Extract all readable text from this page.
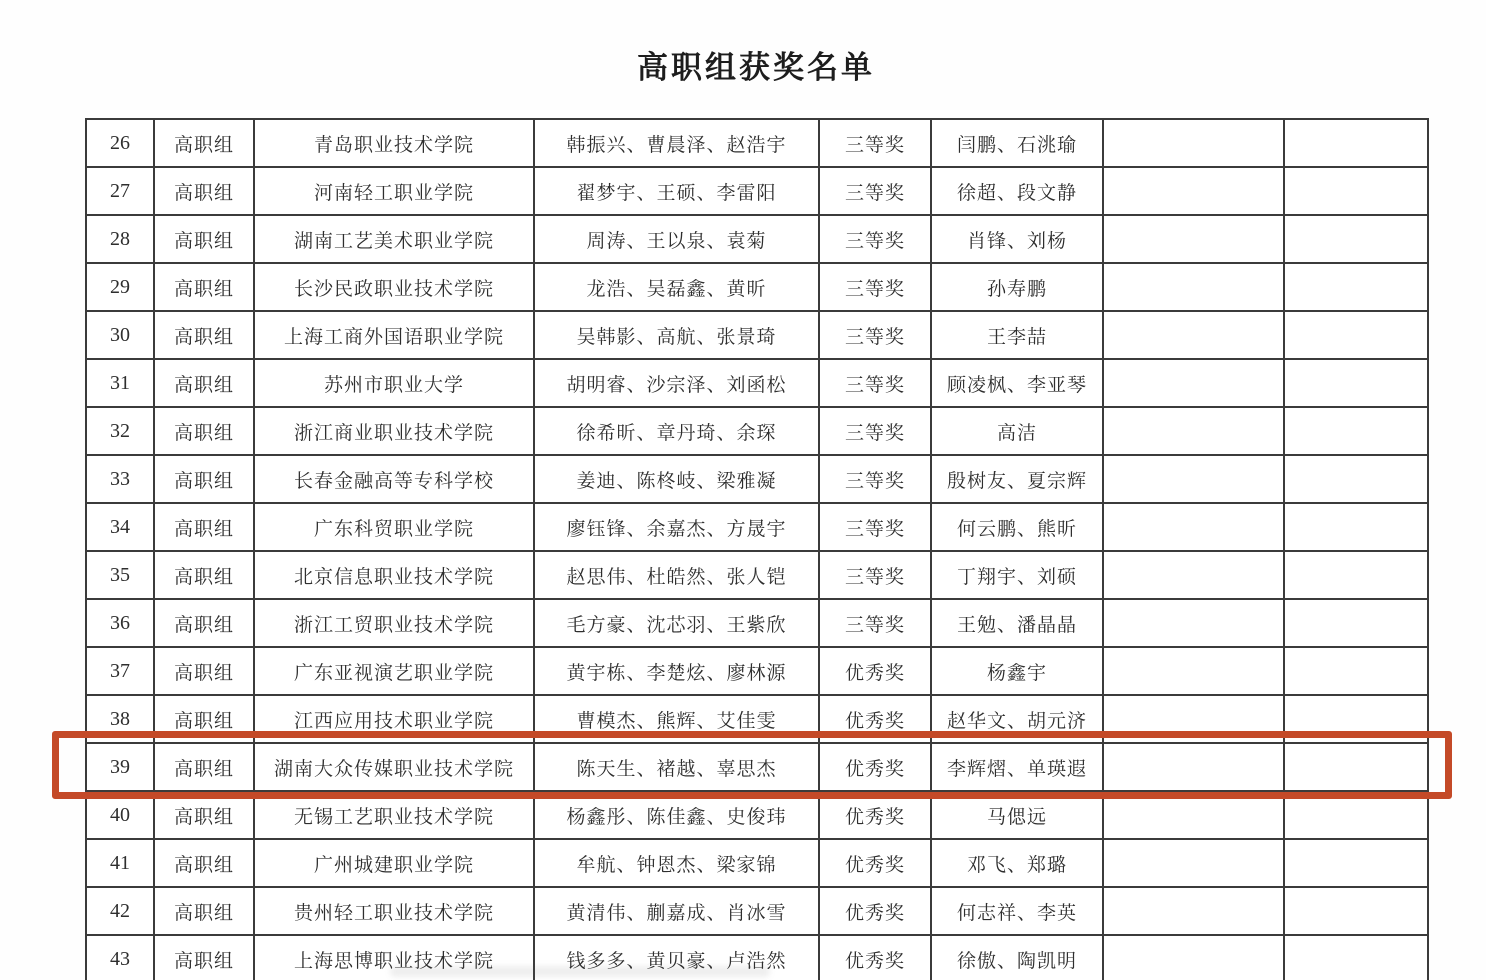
高职组获奖名单
26	高职组	青岛职业技术学院	韩振兴、曹晨泽、赵浩宇	三等奖	闫鹏、石洮瑜		
27	高职组	河南轻工职业学院	翟梦宇、王硕、李雷阳	三等奖	徐超、段文静		
28	高职组	湖南工艺美术职业学院	周涛、王以泉、袁菊	三等奖	肖锋、刘杨		
29	高职组	长沙民政职业技术学院	龙浩、吴磊鑫、黄昕	三等奖	孙寿鹏		
30	高职组	上海工商外国语职业学院	吴韩影、高航、张景琦	三等奖	王李喆		
31	高职组	苏州市职业大学	胡明睿、沙宗泽、刘函松	三等奖	顾凌枫、李亚琴		
32	高职组	浙江商业职业技术学院	徐希昕、章丹琦、余琛	三等奖	高洁		
33	高职组	长春金融高等专科学校	姜迪、陈柊岐、梁雅凝	三等奖	殷树友、夏宗辉		
34	高职组	广东科贸职业学院	廖钰锋、余嘉杰、方晟宇	三等奖	何云鹏、熊昕		
35	高职组	北京信息职业技术学院	赵思伟、杜皓然、张人铠	三等奖	丁翔宇、刘硕		
36	高职组	浙江工贸职业技术学院	毛方豪、沈芯羽、王紫欣	三等奖	王勉、潘晶晶		
37	高职组	广东亚视演艺职业学院	黄宇栋、李楚炫、廖林源	优秀奖	杨鑫宇		
38	高职组	江西应用技术职业学院	曹模杰、熊辉、艾佳雯	优秀奖	赵华文、胡元济		
39	高职组	湖南大众传媒职业技术学院	陈天生、褚越、辜思杰	优秀奖	李辉熠、单瑛遐		
40	高职组	无锡工艺职业技术学院	杨鑫彤、陈佳鑫、史俊玮	优秀奖	马偲远		
41	高职组	广州城建职业学院	牟航、钟恩杰、梁家锦	优秀奖	邓飞、郑璐		
42	高职组	贵州轻工职业技术学院	黄清伟、蒯嘉成、肖冰雪	优秀奖	何志祥、李英		
43	高职组	上海思博职业技术学院	钱多多、黄贝豪、卢浩然	优秀奖	徐傲、陶凯明		
